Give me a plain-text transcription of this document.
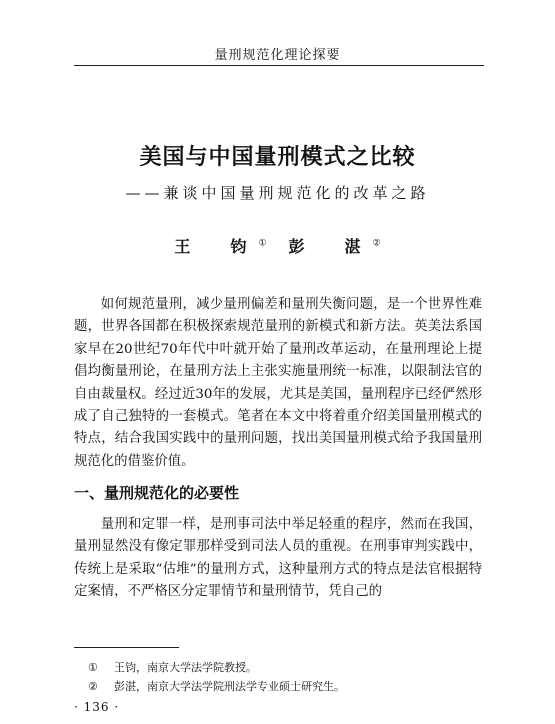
量刑规范化理论探要
美国与中国量刑模式之比较
——兼谈中国量刑规范化的改革之路
王　钧① 彭　湛②

如何规范量刑，减少量刑偏差和量刑失衡问题，是一个世界性难题，世界各国都在积极探索规范量刑的新模式和新方法。英美法系国家早在20世纪70年代中叶就开始了量刑改革运动，在量刑理论上提倡均衡量刑论，在量刑方法上主张实施量刑统一标准，以限制法官的自由裁量权。经过近30年的发展，尤其是美国，量刑程序已经俨然形成了自己独特的一套模式。笔者在本文中将着重介绍美国量刑模式的特点，结合我国实践中的量刑问题，找出美国量刑模式给予我国量刑规范化的借鉴价值。

一、量刑规范化的必要性

量刑和定罪一样，是刑事司法中举足轻重的程序，然而在我国，量刑显然没有像定罪那样受到司法人员的重视。在刑事审判实践中，传统上是采取“估堆”的量刑方式，这种量刑方式的特点是法官根据特定案情，不严格区分定罪情节和量刑情节，凭自己的

①	王钧，南京大学法学院教授。
②	彭湛，南京大学法学院刑法学专业硕士研究生。
· 136 ·
